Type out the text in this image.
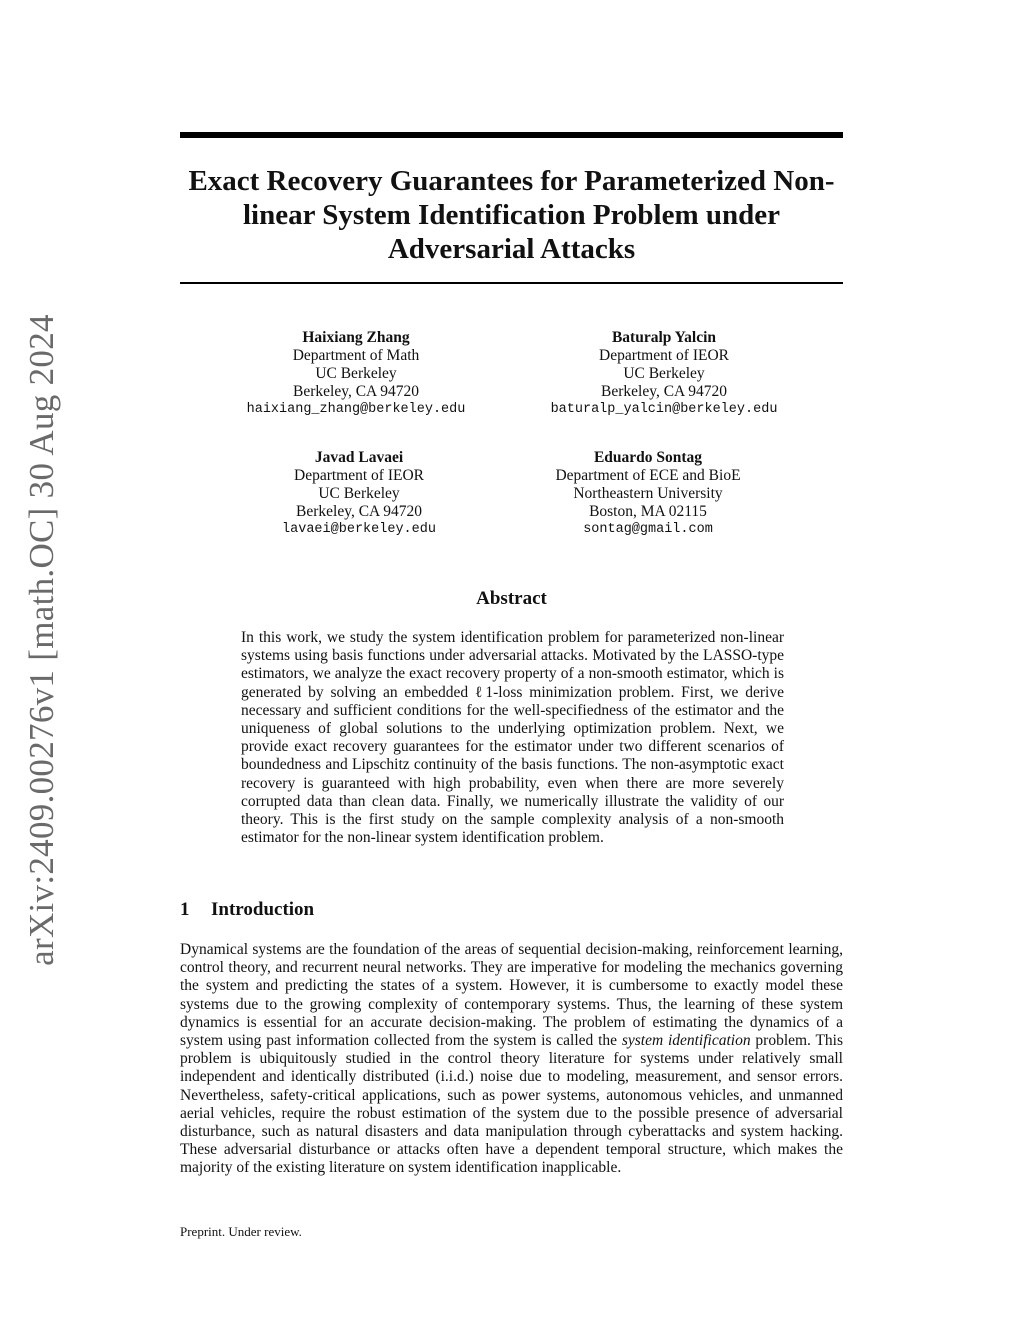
arXiv:2409.00276v1 [math.OC] 30 Aug 2024
Exact Recovery Guarantees for Parameterized Non-linear System Identification Problem under Adversarial Attacks
Haixiang Zhang
Department of Math
UC Berkeley
Berkeley, CA 94720
haixiang_zhang@berkeley.edu
Baturalp Yalcin
Department of IEOR
UC Berkeley
Berkeley, CA 94720
baturalp_yalcin@berkeley.edu
Javad Lavaei
Department of IEOR
UC Berkeley
Berkeley, CA 94720
lavaei@berkeley.edu
Eduardo Sontag
Department of ECE and BioE
Northeastern University
Boston, MA 02115
sontag@gmail.com
Abstract

In this work, we study the system identification problem for parameterized non-linear systems using basis functions under adversarial attacks. Motivated by the LASSO-type estimators, we analyze the exact recovery property of a non-smooth estimator, which is generated by solving an embedded ℓ1-loss minimization problem. First, we derive necessary and sufficient conditions for the well-specifiedness of the estimator and the uniqueness of global solutions to the underlying optimization problem. Next, we provide exact recovery guarantees for the estimator under two different scenarios of boundedness and Lipschitz continuity of the basis functions. The non-asymptotic exact recovery is guaranteed with high probability, even when there are more severely corrupted data than clean data. Finally, we numerically illustrate the validity of our theory. This is the first study on the sample complexity analysis of a non-smooth estimator for the non-linear system identification problem.

1 Introduction

Dynamical systems are the foundation of the areas of sequential decision-making, reinforcement learning, control theory, and recurrent neural networks. They are imperative for modeling the mechanics governing the system and predicting the states of a system. However, it is cumbersome to exactly model these systems due to the growing complexity of contemporary systems. Thus, the learning of these system dynamics is essential for an accurate decision-making. The problem of estimating the dynamics of a system using past information collected from the system is called the system identification problem. This problem is ubiquitously studied in the control theory literature for systems under relatively small independent and identically distributed (i.i.d.) noise due to modeling, measurement, and sensor errors. Nevertheless, safety-critical applications, such as power systems, autonomous vehicles, and unmanned aerial vehicles, require the robust estimation of the system due to the possible presence of adversarial disturbance, such as natural disasters and data manipulation through cyberattacks and system hacking. These adversarial disturbance or attacks often have a dependent temporal structure, which makes the majority of the existing literature on system identification inapplicable.

Preprint. Under review.
